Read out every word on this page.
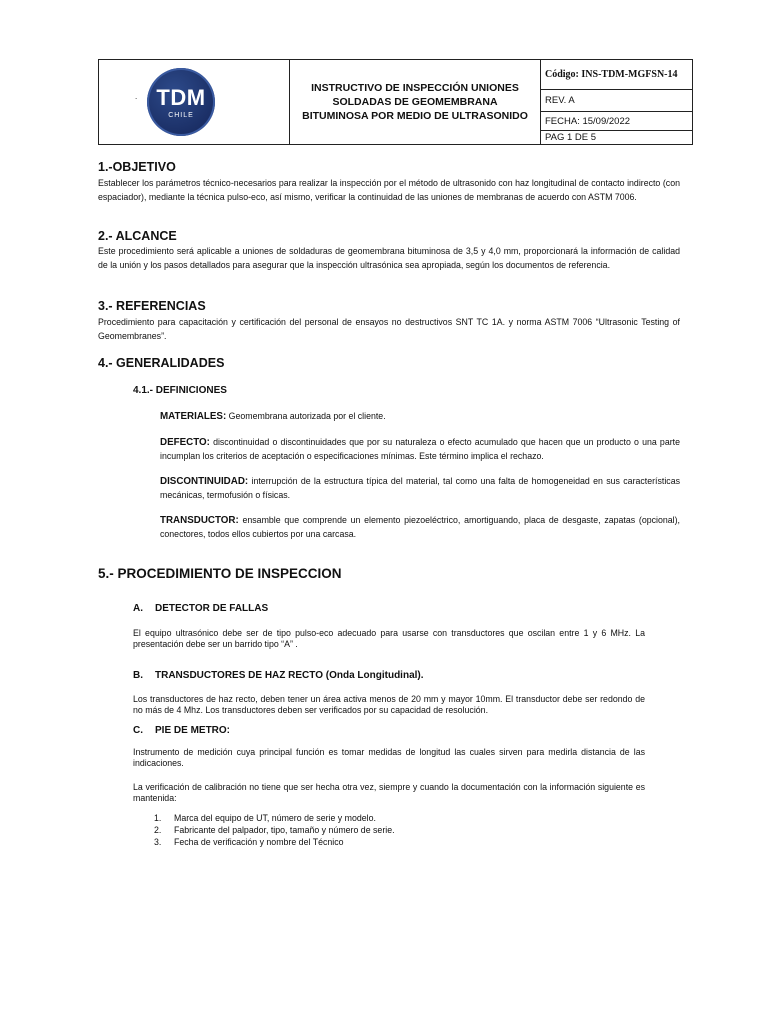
. TDM
CHILE
INSTRUCTIVO DE INSPECCIÓN UNIONES SOLDADAS DE GEOMEMBRANA BITUMINOSA POR MEDIO DE ULTRASONIDO
Código: INS-TDM-MGFSN-14
REV. A
FECHA: 15/09/2022
PAG 1 DE 5
1.-OBJETIVO
Establecer los parámetros técnico-necesarios para realizar la inspección por el método de ultrasonido con haz longitudinal de contacto indirecto (con espaciador), mediante la técnica pulso-eco, así mismo, verificar la continuidad de las uniones de membranas de acuerdo con ASTM 7006.
2.- ALCANCE
Este procedimiento será aplicable a uniones de soldaduras de geomembrana bituminosa de 3,5 y 4,0 mm, proporcionará la información de calidad de la unión y los pasos detallados para asegurar que la inspección ultrasónica sea apropiada, según los documentos de referencia.
3.- REFERENCIAS
Procedimiento para capacitación y certificación del personal de ensayos no destructivos SNT TC 1A. y norma ASTM 7006 “Ultrasonic Testing of Geomembranes”.
4.- GENERALIDADES
4.1.- DEFINICIONES
MATERIALES: Geomembrana autorizada por el cliente.
DEFECTO: discontinuidad o discontinuidades que por su naturaleza o efecto acumulado que hacen que un producto o una parte incumplan los criterios de aceptación o especificaciones mínimas. Este término implica el rechazo.
DISCONTINUIDAD: interrupción de la estructura típica del material, tal como una falta de homogeneidad en sus características mecánicas, termofusión o físicas.
TRANSDUCTOR: ensamble que comprende un elemento piezoeléctrico, amortiguando, placa de desgaste, zapatas (opcional), conectores, todos ellos cubiertos por una carcasa.
5.- PROCEDIMIENTO DE INSPECCION
A. DETECTOR DE FALLAS
El equipo ultrasónico debe ser de tipo pulso-eco adecuado para usarse con transductores que oscilan entre 1 y 6 MHz. La presentación debe ser un barrido tipo “A” .
B. TRANSDUCTORES DE HAZ RECTO (Onda Longitudinal).
Los transductores de haz recto, deben tener un área activa menos de 20 mm y mayor 10mm. El transductor debe ser redondo de no más de 4 Mhz. Los transductores deben ser verificados por su capacidad de resolución.
C. PIE DE METRO:
Instrumento de medición cuya principal función es tomar medidas de longitud las cuales sirven para medirla distancia de las indicaciones.
La verificación de calibración no tiene que ser hecha otra vez, siempre y cuando la documentación con la información siguiente es mantenida:
1. Marca del equipo de UT, número de serie y modelo.
2. Fabricante del palpador, tipo, tamaño y número de serie.
3. Fecha de verificación y nombre del Técnico
